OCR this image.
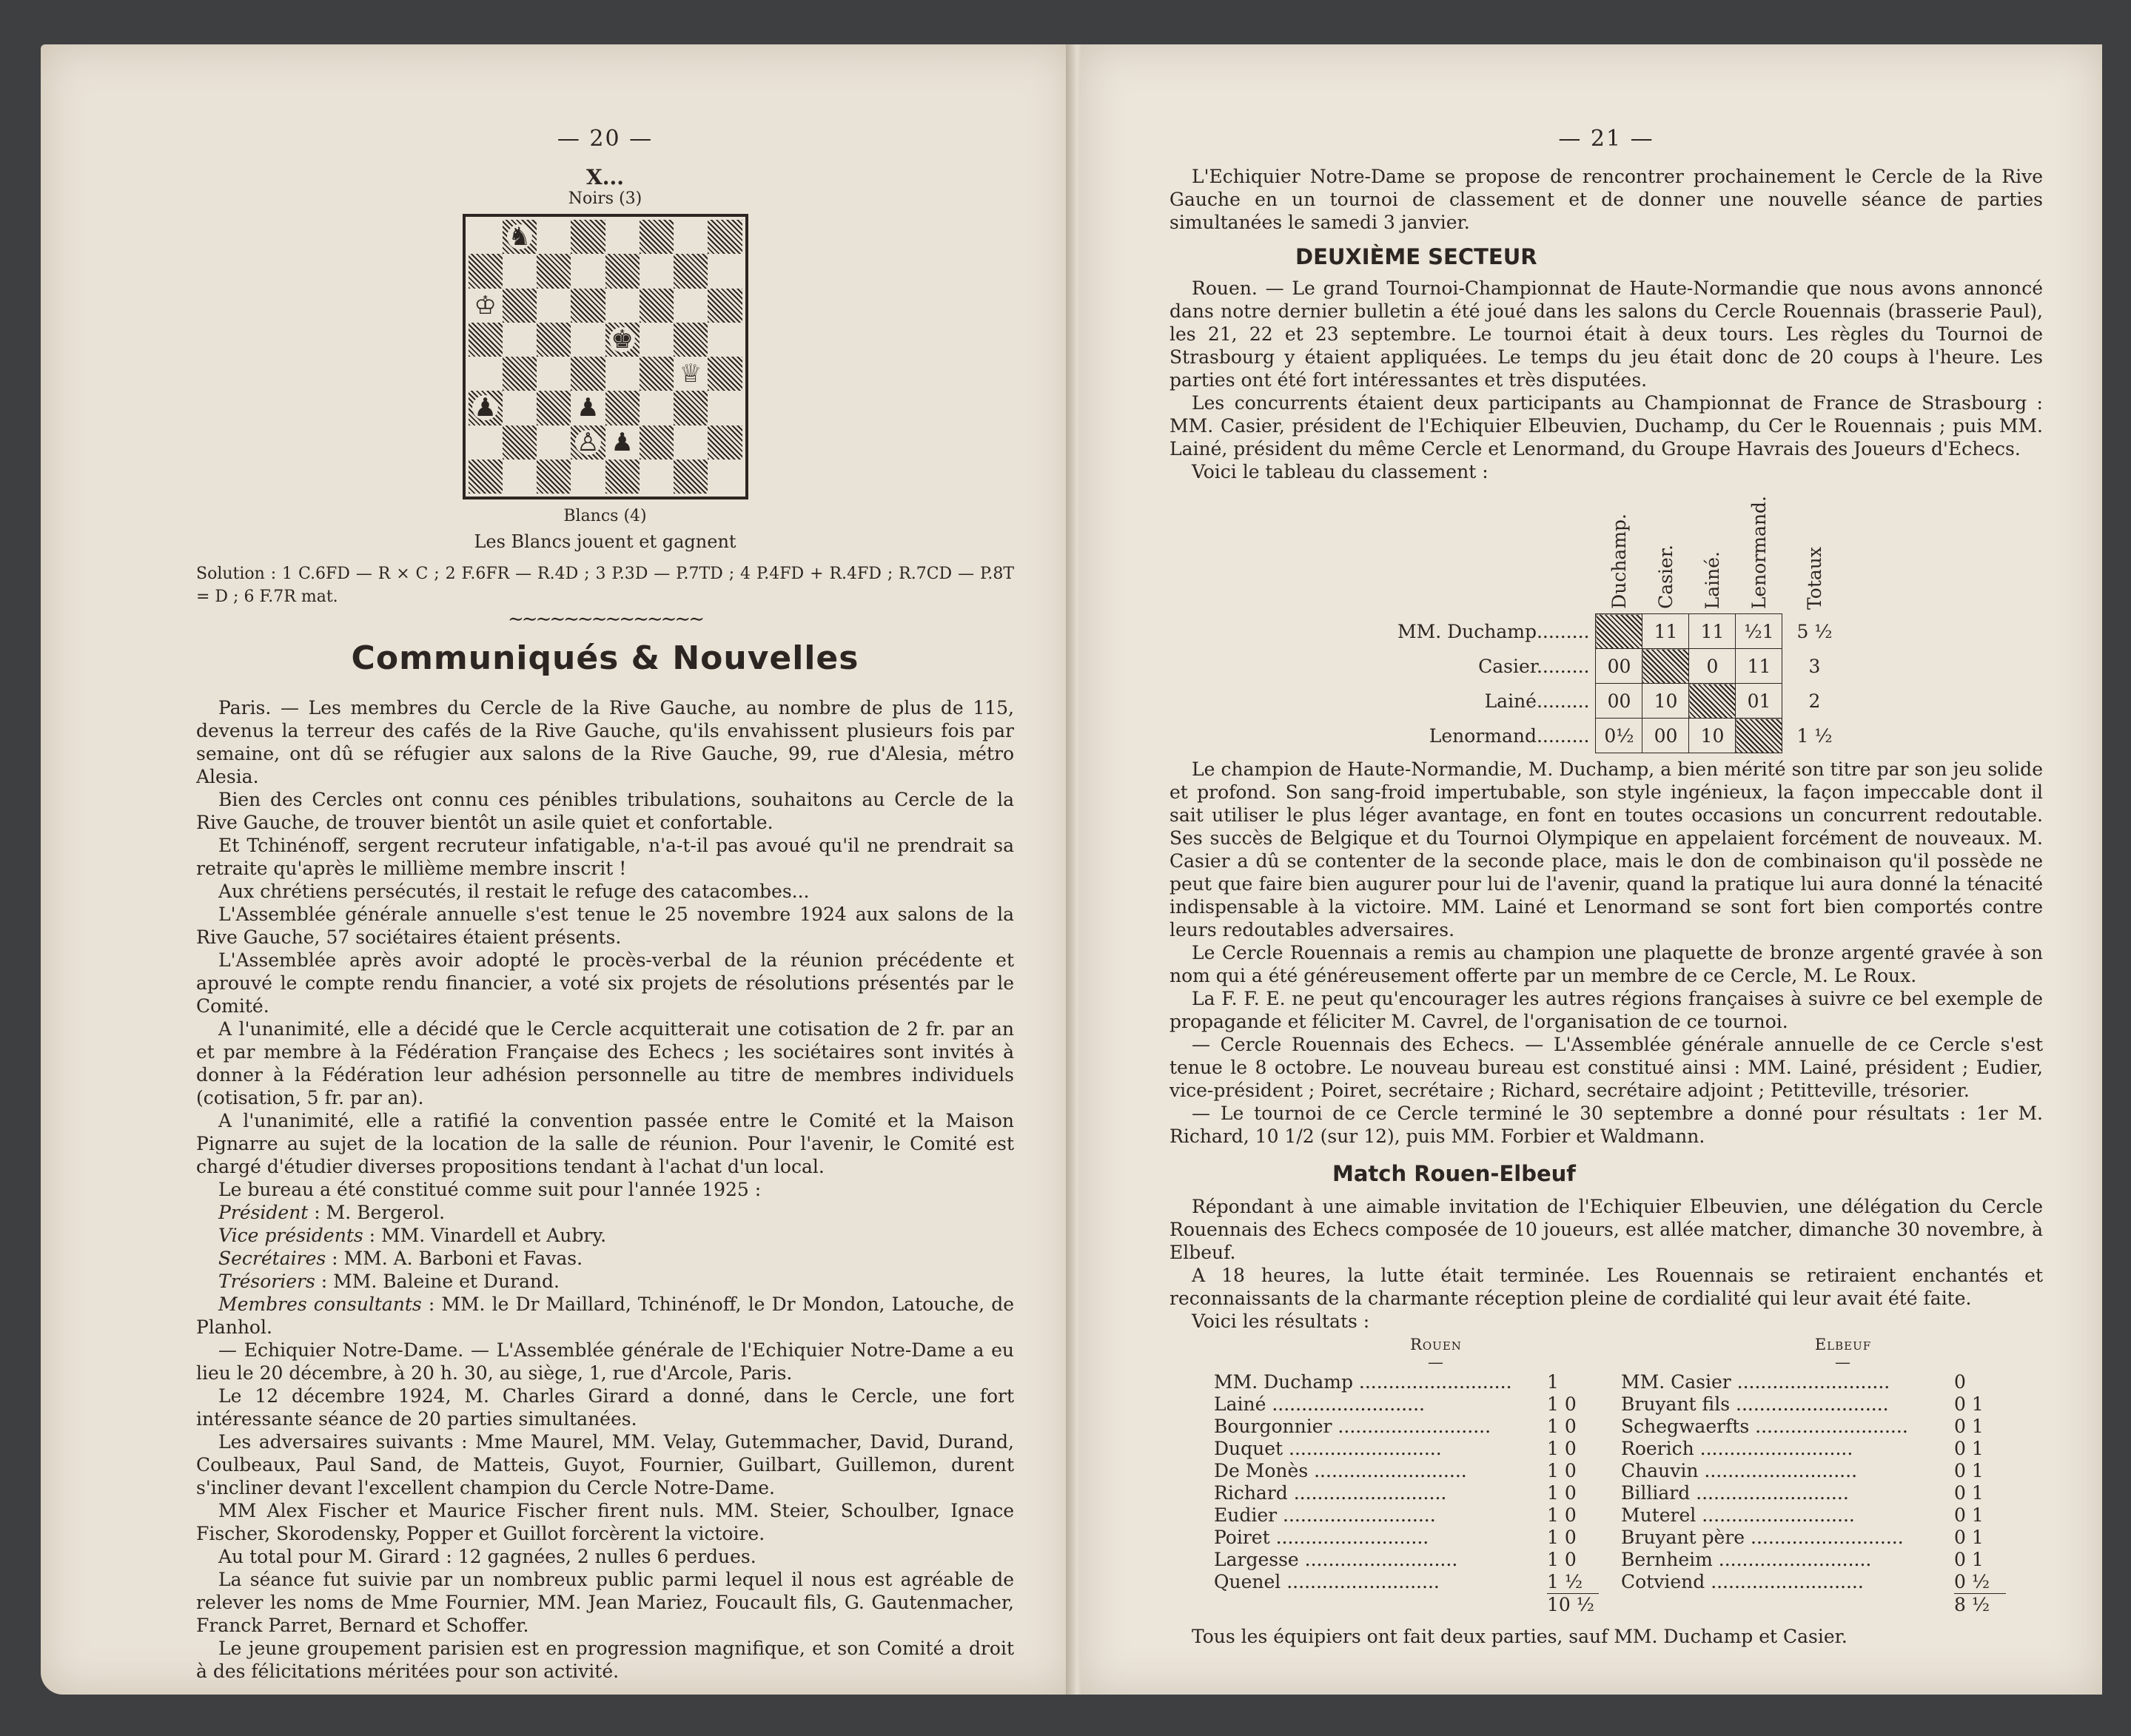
— 20 —
X...
Noirs (3)
♞
♔
♚
♕
♟	♟
♙ ♟
Blancs (4)
Les Blancs jouent et gagnent

Solution : 1 C.6FD — R × C ; 2 F.6FR — R.4D ; 3 P.3D — P.7TD ; 4 P.4FD + R.4FD ; R.7CD — P.8T = D ; 6 F.7R mat.

∼∼∼∼∼∼∼∼∼∼∼∼∼∼
Communiqués & Nouvelles

Paris. — Les membres du Cercle de la Rive Gauche, au nombre de plus de 115, devenus la terreur des cafés de la Rive Gauche, qu'ils envahissent plusieurs fois par semaine, ont dû se réfugier aux salons de la Rive Gauche, 99, rue d'Alesia, métro Alesia.

Bien des Cercles ont connu ces pénibles tribulations, souhaitons au Cercle de la Rive Gauche, de trouver bientôt un asile quiet et confortable.

Et Tchinénoff, sergent recruteur infatigable, n'a-t-il pas avoué qu'il ne prendrait sa retraite qu'après le millième membre inscrit !

Aux chrétiens persécutés, il restait le refuge des catacombes...

L'Assemblée générale annuelle s'est tenue le 25 novembre 1924 aux salons de la Rive Gauche, 57 sociétaires étaient présents.

L'Assemblée après avoir adopté le procès-verbal de la réunion précédente et aprouvé le compte rendu financier, a voté six projets de résolutions présentés par le Comité.

A l'unanimité, elle a décidé que le Cercle acquitterait une cotisation de 2 fr. par an et par membre à la Fédération Française des Echecs ; les sociétaires sont invités à donner à la Fédération leur adhésion personnelle au titre de membres individuels (cotisation, 5 fr. par an).

A l'unanimité, elle a ratifié la convention passée entre le Comité et la Maison Pignarre au sujet de la location de la salle de réunion. Pour l'avenir, le Comité est chargé d'étudier diverses propositions tendant à l'achat d'un local.

Le bureau a été constitué comme suit pour l'année 1925 :

Président : M. Bergerol.

Vice présidents : MM. Vinardell et Aubry.

Secrétaires : MM. A. Barboni et Favas.

Trésoriers : MM. Baleine et Durand.

Membres consultants : MM. le Dr Maillard, Tchinénoff, le Dr Mondon, Latouche, de Planhol.

— Echiquier Notre-Dame. — L'Assemblée générale de l'Echiquier Notre-Dame a eu lieu le 20 décembre, à 20 h. 30, au siège, 1, rue d'Arcole, Paris.

Le 12 décembre 1924, M. Charles Girard a donné, dans le Cercle, une fort intéressante séance de 20 parties simultanées.

Les adversaires suivants : Mme Maurel, MM. Velay, Gutemmacher, David, Durand, Coulbeaux, Paul Sand, de Matteis, Guyot, Fournier, Guilbart, Guillemon, durent s'incliner devant l'excellent champion du Cercle Notre-Dame.

MM Alex Fischer et Maurice Fischer firent nuls. MM. Steier, Schoulber, Ignace Fischer, Skorodensky, Popper et Guillot forcèrent la victoire.

Au total pour M. Girard : 12 gagnées, 2 nulles 6 perdues.

La séance fut suivie par un nombreux public parmi lequel il nous est agréable de relever les noms de Mme Fournier, MM. Jean Mariez, Foucault fils, G. Gautenmacher, Franck Parret, Bernard et Schoffer.

Le jeune groupement parisien est en progression magnifique, et son Comité a droit à des félicitations méritées pour son activité.

— 21 —

L'Echiquier Notre-Dame se propose de rencontrer prochainement le Cercle de la Rive Gauche en un tournoi de classement et de donner une nouvelle séance de parties simultanées le samedi 3 janvier.

DEUXIÈME SECTEUR

Rouen. — Le grand Tournoi-Championnat de Haute-Normandie que nous avons annoncé dans notre dernier bulletin a été joué dans les salons du Cercle Rouennais (brasserie Paul), les 21, 22 et 23 septembre. Le tournoi était à deux tours. Les règles du Tournoi de Strasbourg y étaient appliquées. Le temps du jeu était donc de 20 coups à l'heure. Les parties ont été fort intéressantes et très disputées.

Les concurrents étaient deux participants au Championnat de France de Strasbourg : MM. Casier, président de l'Echiquier Elbeuvien, Duchamp, du Cer le Rouennais ; puis MM. Lainé, président du même Cercle et Lenormand, du Groupe Havrais des Joueurs d'Echecs.

Voici le tableau du classement :

	Duchamp.	Casier.	Lainé.	Lenormand.	Totaux
MM. Duchamp.........		11	11	½1	5 ½
Casier.........	00		0	11	3
Lainé.........	00	10		01	2
Lenormand.........	0½	00	10		1 ½

Le champion de Haute-Normandie, M. Duchamp, a bien mérité son titre par son jeu solide et profond. Son sang-froid impertubable, son style ingénieux, la façon impeccable dont il sait utiliser le plus léger avantage, en font en toutes occasions un concurrent redoutable. Ses succès de Belgique et du Tournoi Olympique en appelaient forcément de nouveaux. M. Casier a dû se contenter de la seconde place, mais le don de combinaison qu'il possède ne peut que faire bien augurer pour lui de l'avenir, quand la pratique lui aura donné la ténacité indispensable à la victoire. MM. Lainé et Lenormand se sont fort bien comportés contre leurs redoutables adversaires.

Le Cercle Rouennais a remis au champion une plaquette de bronze argenté gravée à son nom qui a été généreusement offerte par un membre de ce Cercle, M. Le Roux.

La F. F. E. ne peut qu'encourager les autres régions françaises à suivre ce bel exemple de propagande et féliciter M. Cavrel, de l'organisation de ce tournoi.

— Cercle Rouennais des Echecs. — L'Assemblée générale annuelle de ce Cercle s'est tenue le 8 octobre. Le nouveau bureau est constitué ainsi : MM. Lainé, président ; Eudier, vice-président ; Poiret, secrétaire ; Richard, secrétaire adjoint ; Petitteville, trésorier.

— Le tournoi de ce Cercle terminé le 30 septembre a donné pour résultats : 1er M. Richard, 10 1/2 (sur 12), puis MM. Forbier et Waldmann.

Match Rouen-Elbeuf

Répondant à une aimable invitation de l'Echiquier Elbeuvien, une délégation du Cercle Rouennais des Echecs composée de 10 joueurs, est allée matcher, dimanche 30 novembre, à Elbeuf.

A 18 heures, la lutte était terminée. Les Rouennais se retiraient enchantés et reconnaissants de la charmante réception pleine de cordialité qui leur avait été faite.

Voici les résultats :

Rouen
—
MM. Duchamp ..........................	1
Lainé ..........................	1 0
Bourgonnier ..........................	1 0
Duquet ..........................	1 0
De Monès ..........................	1 0
Richard ..........................	1 0
Eudier ..........................	1 0
Poiret ..........................	1 0
Largesse ..........................	1 0
Quenel ..........................	1 ½
10 ½
Elbeuf
—
MM. Casier ..........................	0
Bruyant fils ..........................	0 1
Schegwaerfts ..........................	0 1
Roerich ..........................	0 1
Chauvin ..........................	0 1
Billiard ..........................	0 1
Muterel ..........................	0 1
Bruyant père ..........................	0 1
Bernheim ..........................	0 1
Cotviend ..........................	0 ½
8 ½

Tous les équipiers ont fait deux parties, sauf MM. Duchamp et Casier.
